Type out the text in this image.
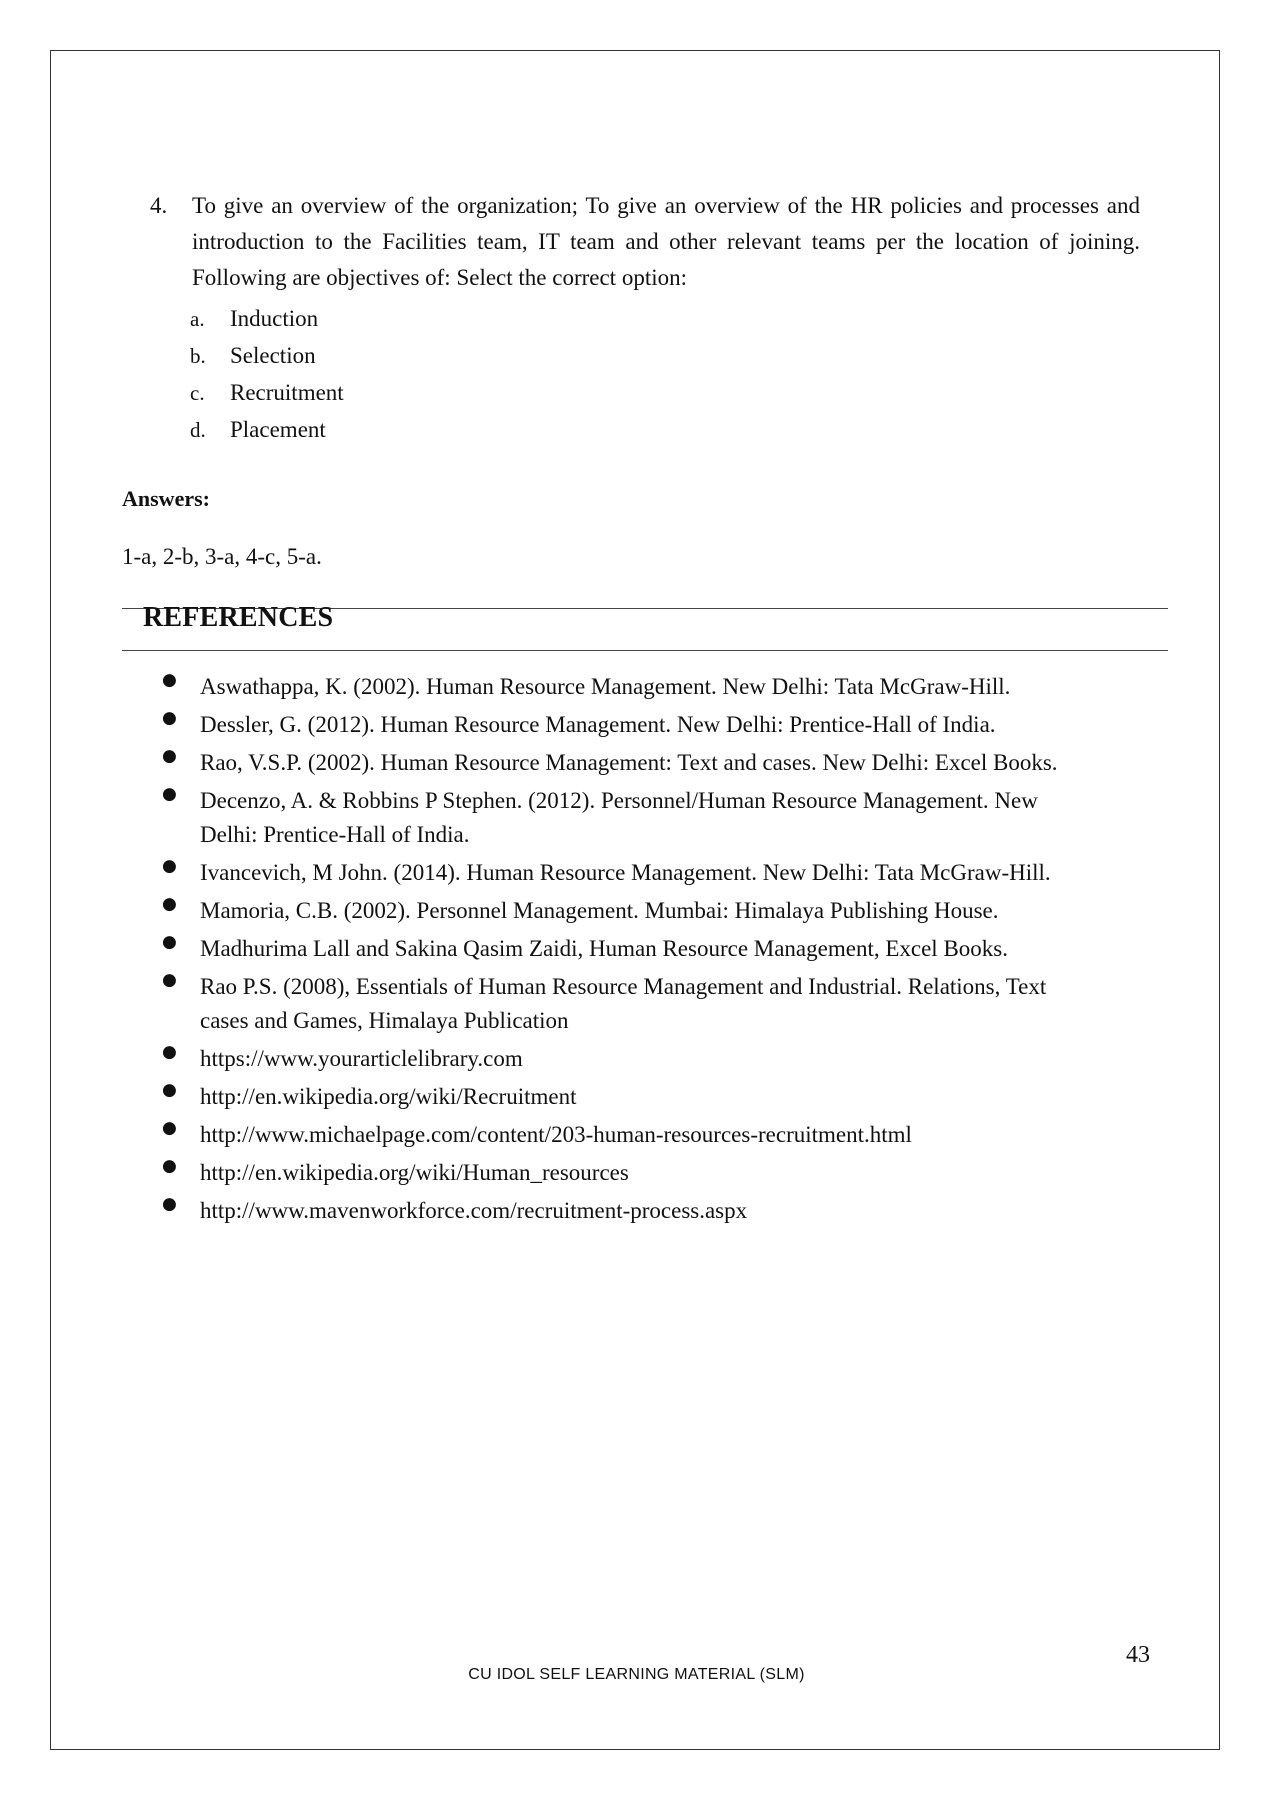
4. To give an overview of the organization; To give an overview of the HR policies and processes and introduction to the Facilities team, IT team and other relevant teams per the location of joining. Following are objectives of: Select the correct option:
a. Induction
b. Selection
c. Recruitment
d. Placement
Answers:
1-a, 2-b, 3-a, 4-c, 5-a.
REFERENCES
● Aswathappa, K. (2002). Human Resource Management. New Delhi: Tata McGraw-Hill.
● Dessler, G. (2012). Human Resource Management. New Delhi: Prentice-Hall of India.
● Rao, V.S.P. (2002). Human Resource Management: Text and cases. New Delhi: Excel Books.
● Decenzo, A. & Robbins P Stephen. (2012). Personnel/Human Resource Management. New
Delhi: Prentice-Hall of India.
● Ivancevich, M John. (2014). Human Resource Management. New Delhi: Tata McGraw-Hill.
● Mamoria, C.B. (2002). Personnel Management. Mumbai: Himalaya Publishing House.
● Madhurima Lall and Sakina Qasim Zaidi, Human Resource Management, Excel Books.
● Rao P.S. (2008), Essentials of Human Resource Management and Industrial. Relations, Text
cases and Games, Himalaya Publication
● https://www.yourarticlelibrary.com
● http://en.wikipedia.org/wiki/Recruitment
● http://www.michaelpage.com/content/203-human-resources-recruitment.html
● http://en.wikipedia.org/wiki/Human_resources
● http://www.mavenworkforce.com/recruitment-process.aspx
43
CU IDOL SELF LEARNING MATERIAL (SLM)
